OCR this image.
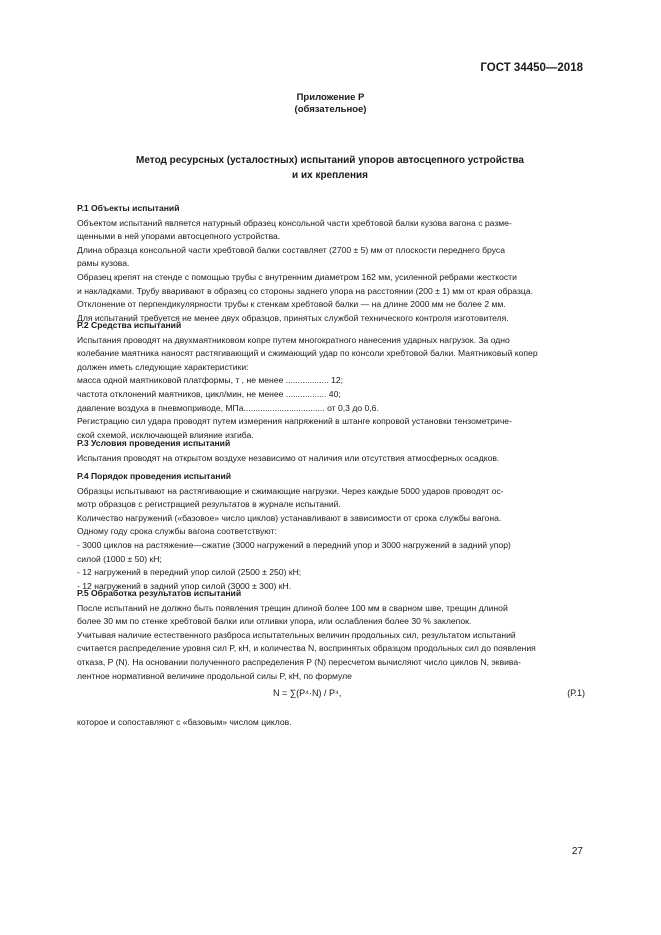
ГОСТ 34450—2018
Приложение Р
(обязательное)
Метод ресурсных (усталостных) испытаний упоров автосцепного устройства
и их крепления

Р.1 Объекты испытаний

Объектом испытаний является натурный образец консольной части хребтовой балки кузова вагона с разме-

щенными в ней упорами автосцепного устройства.

Длина образца консольной части хребтовой балки составляет (2700 ± 5) мм от плоскости переднего бруса

рамы кузова.

Образец крепят на стенде с помощью трубы с внутренним диаметром 162 мм, усиленной ребрами жесткости

и накладками. Трубу вваривают в образец со стороны заднего упора на расстоянии (200 ± 1) мм от края образца.

Отклонение от перпендикулярности трубы к стенкам хребтовой балки — на длине 2000 мм не более 2 мм.

Для испытаний требуется не менее двух образцов, принятых службой технического контроля изготовителя.

Р.2 Средства испытаний

Испытания проводят на двухмаятниковом копре путем многократного нанесения ударных нагрузок. За одно

колебание маятника наносят растягивающий и сжимающий удар по консоли хребтовой балки. Маятниковый копер

должен иметь следующие характеристики:

масса одной маятниковой платформы, т , не менее .................. 12;

частота отклонений маятников, цикл/мин, не менее ................. 40;

давление воздуха в пневмоприводе, МПа.................................. от 0,3 до 0,6.

Регистрацию сил удара проводят путем измерения напряжений в штанге копровой установки тензометриче-

ской схемой, исключающей влияние изгиба.

Р.3 Условия проведения испытаний

Испытания проводят на открытом воздухе независимо от наличия или отсутствия атмосферных осадков.

Р.4 Порядок проведения испытаний

Образцы испытывают на растягивающие и сжимающие нагрузки. Через каждые 5000 ударов проводят ос-

мотр образцов с регистрацией результатов в журнале испытаний.

Количество нагружений («базовое» число циклов) устанавливают в зависимости от срока службы вагона.

Одному году срока службы вагона соответствуют:

- 3000 циклов на растяжение—сжатие (3000 нагружений в передний упор и 3000 нагружений в задний упор)

силой (1000 ± 50) кН;

- 12 нагружений в передний упор силой (2500 ± 250) кН;

- 12 нагружений в задний упор силой (3000 ± 300) кН.

Р.5 Обработка результатов испытаний

После испытаний не должно быть появления трещин длиной более 100 мм в сварном шве, трещин длиной

более 30 мм по стенке хребтовой балки или отливки упора, или ослабления более 30 % заклепок.

Учитывая наличие естественного разброса испытательных величин продольных сил, результатом испытаний

считается распределение уровня сил P, кН, и количества N, воспринятых образцом продольных сил до появления

отказа, P (N). На основании полученного распределения P (N) пересчетом вычисляют число циклов N, эквива-

лентное нормативной величине продольной силы P, кН, по формуле

N = ∑(P⁴·N) / P⁴,	(Р.1)

которое и сопоставляют с «базовым» числом циклов.

27
